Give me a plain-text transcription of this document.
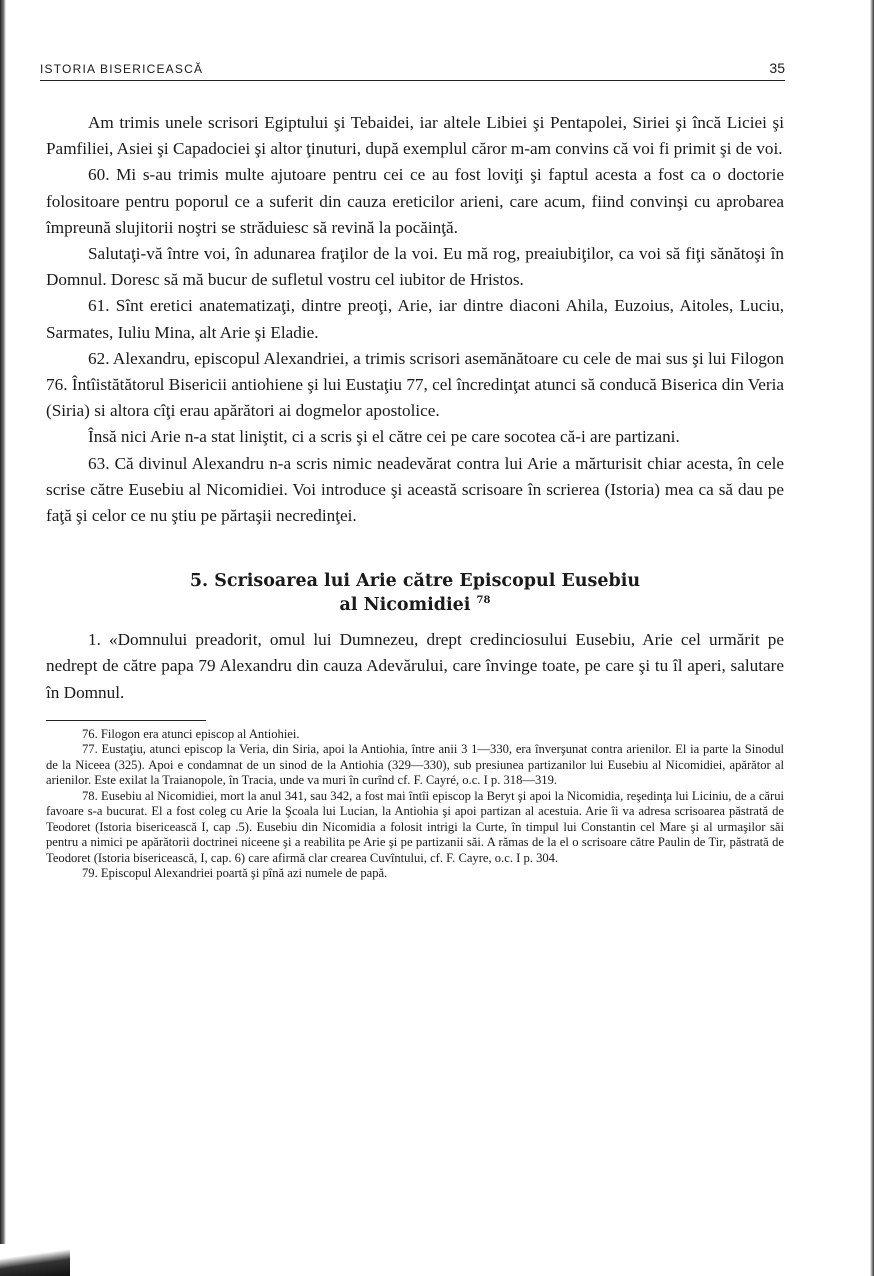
ISTORIA BISERICEASCĂ	35

Am trimis unele scrisori Egiptului şi Tebaidei, iar altele Libiei şi Pentapolei, Siriei şi încă Liciei şi Pamfiliei, Asiei şi Capadociei şi altor ţinuturi, după exemplul căror m-am convins că voi fi primit şi de voi.

60. Mi s-au trimis multe ajutoare pentru cei ce au fost loviţi şi faptul acesta a fost ca o doctorie folositoare pentru poporul ce a suferit din cauza ereticilor arieni, care acum, fiind convinşi cu aprobarea împreună slujitorii noştri se străduiesc să revină la pocăinţă.

Salutaţi-vă între voi, în adunarea fraţilor de la voi. Eu mă rog, preaiubiţilor, ca voi să fiţi sănătoşi în Domnul. Doresc să mă bucur de sufletul vostru cel iubitor de Hristos.

61. Sînt eretici anatematizaţi, dintre preoţi, Arie, iar dintre diaconi Ahila, Euzoius, Aitoles, Luciu, Sarmates, Iuliu Mina, alt Arie şi Eladie.

62. Alexandru, episcopul Alexandriei, a trimis scrisori asemănătoare cu cele de mai sus şi lui Filogon 76. Întîistătătorul Bisericii antiohiene şi lui Eustaţiu 77, cel încredinţat atunci să conducă Biserica din Veria (Siria) si altora cîţi erau apărători ai dogmelor apostolice.

Însă nici Arie n-a stat liniştit, ci a scris şi el către cei pe care socotea că-i are partizani.

63. Că divinul Alexandru n-a scris nimic neadevărat contra lui Arie a mărturisit chiar acesta, în cele scrise către Eusebiu al Nicomidiei. Voi introduce şi această scrisoare în scrierea (Istoria) mea ca să dau pe faţă şi celor ce nu ştiu pe părtaşii necredinţei.

5. Scrisoarea lui Arie către Episcopul Eusebiu
al Nicomidiei $^{78}$

1. «Domnului preadorit, omul lui Dumnezeu, drept credinciosului Eusebiu, Arie cel urmărit pe nedrept de către papa 79 Alexandru din cauza Adevărului, care învinge toate, pe care şi tu îl aperi, salutare în Domnul.

76. Filogon era atunci episcop al Antiohiei.

77. Eustaţiu, atunci episcop la Veria, din Siria, apoi la Antiohia, între anii 3 1—330, era înverşunat contra arienilor. El ia parte la Sinodul de la Niceea (325). Apoi e condamnat de un sinod de la Antiohia (329—330), sub presiunea partizanilor lui Eusebiu al Nicomidiei, apărător al arienilor. Este exilat la Traianopole, în Tracia, unde va muri în curînd cf. F. Cayré, o.c. I p. 318—319.

78. Eusebiu al Nicomidiei, mort la anul 341, sau 342, a fost mai întîi episcop la Beryt şi apoi la Nicomidia, reşedinţa lui Liciniu, de a cărui favoare s-a bucurat. El a fost coleg cu Arie la Şcoala lui Lucian, la Antiohia şi apoi partizan al acestuia. Arie îi va adresa scrisoarea păstrată de Teodoret (Istoria bisericească I, cap .5). Eusebiu din Nicomidia a folosit intrigi la Curte, în timpul lui Constantin cel Mare şi al urmaşilor săi pentru a nimici pe apărătorii doctrinei niceene şi a reabilita pe Arie şi pe partizanii săi. A rămas de la el o scrisoare către Paulin de Tir, păstrată de Teodoret (Istoria bisericească, I, cap. 6) care afirmă clar crearea Cuvîntului, cf. F. Cayre, o.c. I p. 304.

79. Episcopul Alexandriei poartă şi pînă azi numele de papă.
